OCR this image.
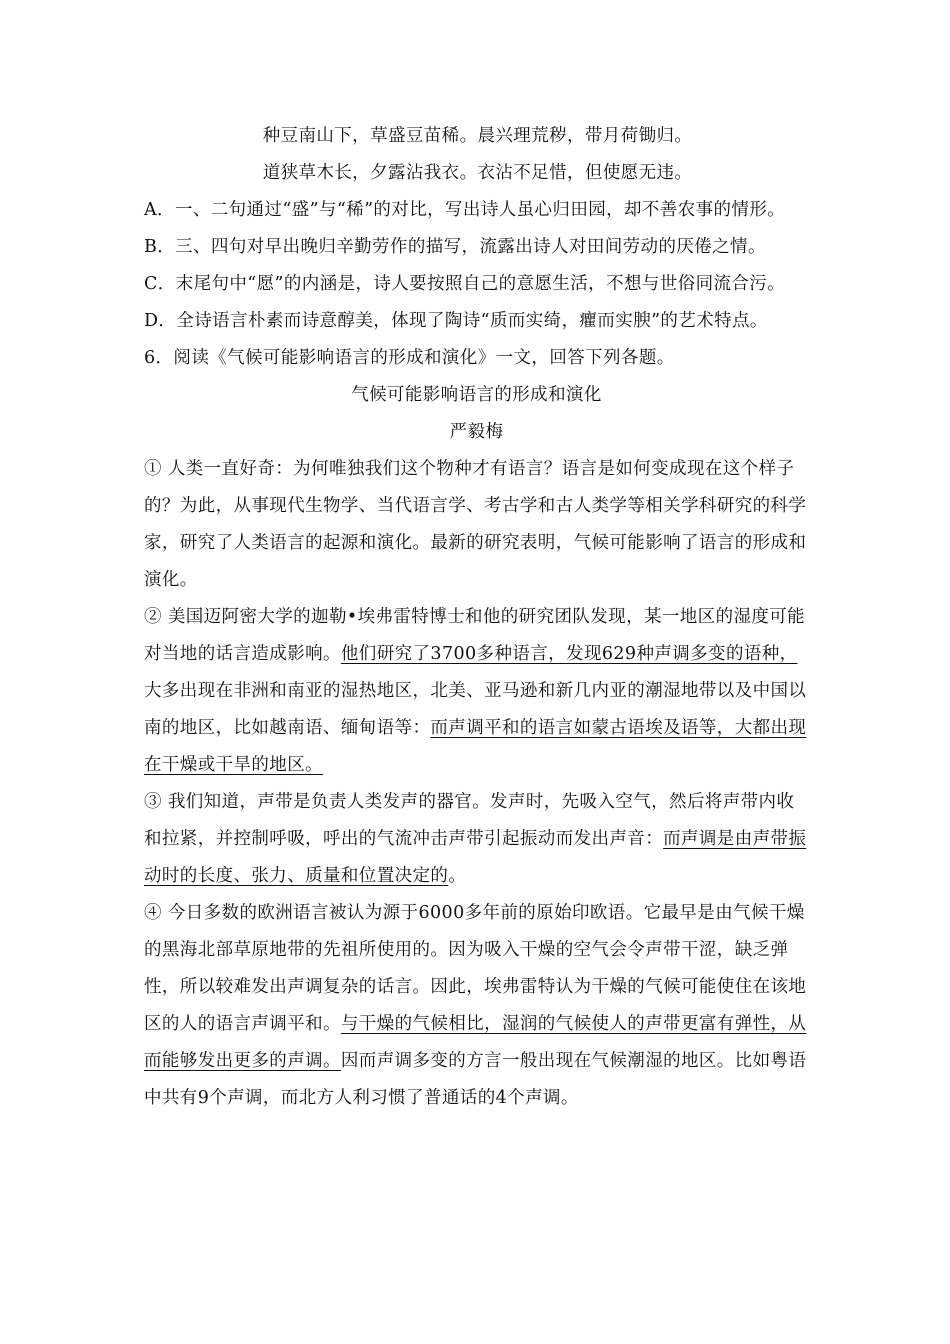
种豆南山下，草盛豆苗稀。晨兴理荒秽，带月荷锄归。

道狭草木长，夕露沾我衣。衣沾不足惜，但使愿无违。

A．一、二句通过“盛”与“稀”的对比，写出诗人虽心归田园，却不善农事的情形。

B．三、四句对早出晚归辛勤劳作的描写，流露出诗人对田间劳动的厌倦之情。

C．末尾句中“愿”的内涵是，诗人要按照自己的意愿生活，不想与世俗同流合污。

D．全诗语言朴素而诗意醇美，体现了陶诗“质而实绮，癯而实腴”的艺术特点。

6．阅读《气候可能影响语言的形成和演化》一文，回答下列各题。

气候可能影响语言的形成和演化

严毅梅

① 人类一直好奇：为何唯独我们这个物种才有语言？语言是如何变成现在这个样子的？为此，从事现代生物学、当代语言学、考古学和古人类学等相关学科研究的科学家，研究了人类语言的起源和演化。最新的研究表明，气候可能影响了语言的形成和演化。

② 美国迈阿密大学的迦勒•埃弗雷特博士和他的研究团队发现，某一地区的湿度可能对当地的话言造成影响。他们研究了3700多种语言，发现629种声调多变的语种，大多出现在非洲和南亚的湿热地区，北美、亚马逊和新几内亚的潮湿地带以及中国以南的地区，比如越南语、缅甸语等：而声调平和的语言如蒙古语埃及语等，大都出现在干燥或干旱的地区。

③ 我们知道，声带是负责人类发声的器官。发声时，先吸入空气，然后将声带内收和拉紧，并控制呼吸，呼出的气流冲击声带引起振动而发出声音：而声调是由声带振动时的长度、张力、质量和位置决定的。

④ 今日多数的欧洲语言被认为源于6000多年前的原始印欧语。它最早是由气候干燥的黑海北部草原地带的先祖所使用的。因为吸入干燥的空气会令声带干涩，缺乏弹性，所以较难发出声调复杂的话言。因此，埃弗雷特认为干燥的气候可能使住在该地区的人的语言声调平和。与干燥的气候相比，湿润的气候使人的声带更富有弹性，从而能够发出更多的声调。因而声调多变的方言一般出现在气候潮湿的地区。比如粤语中共有9个声调，而北方人利习惯了普通话的4个声调。
